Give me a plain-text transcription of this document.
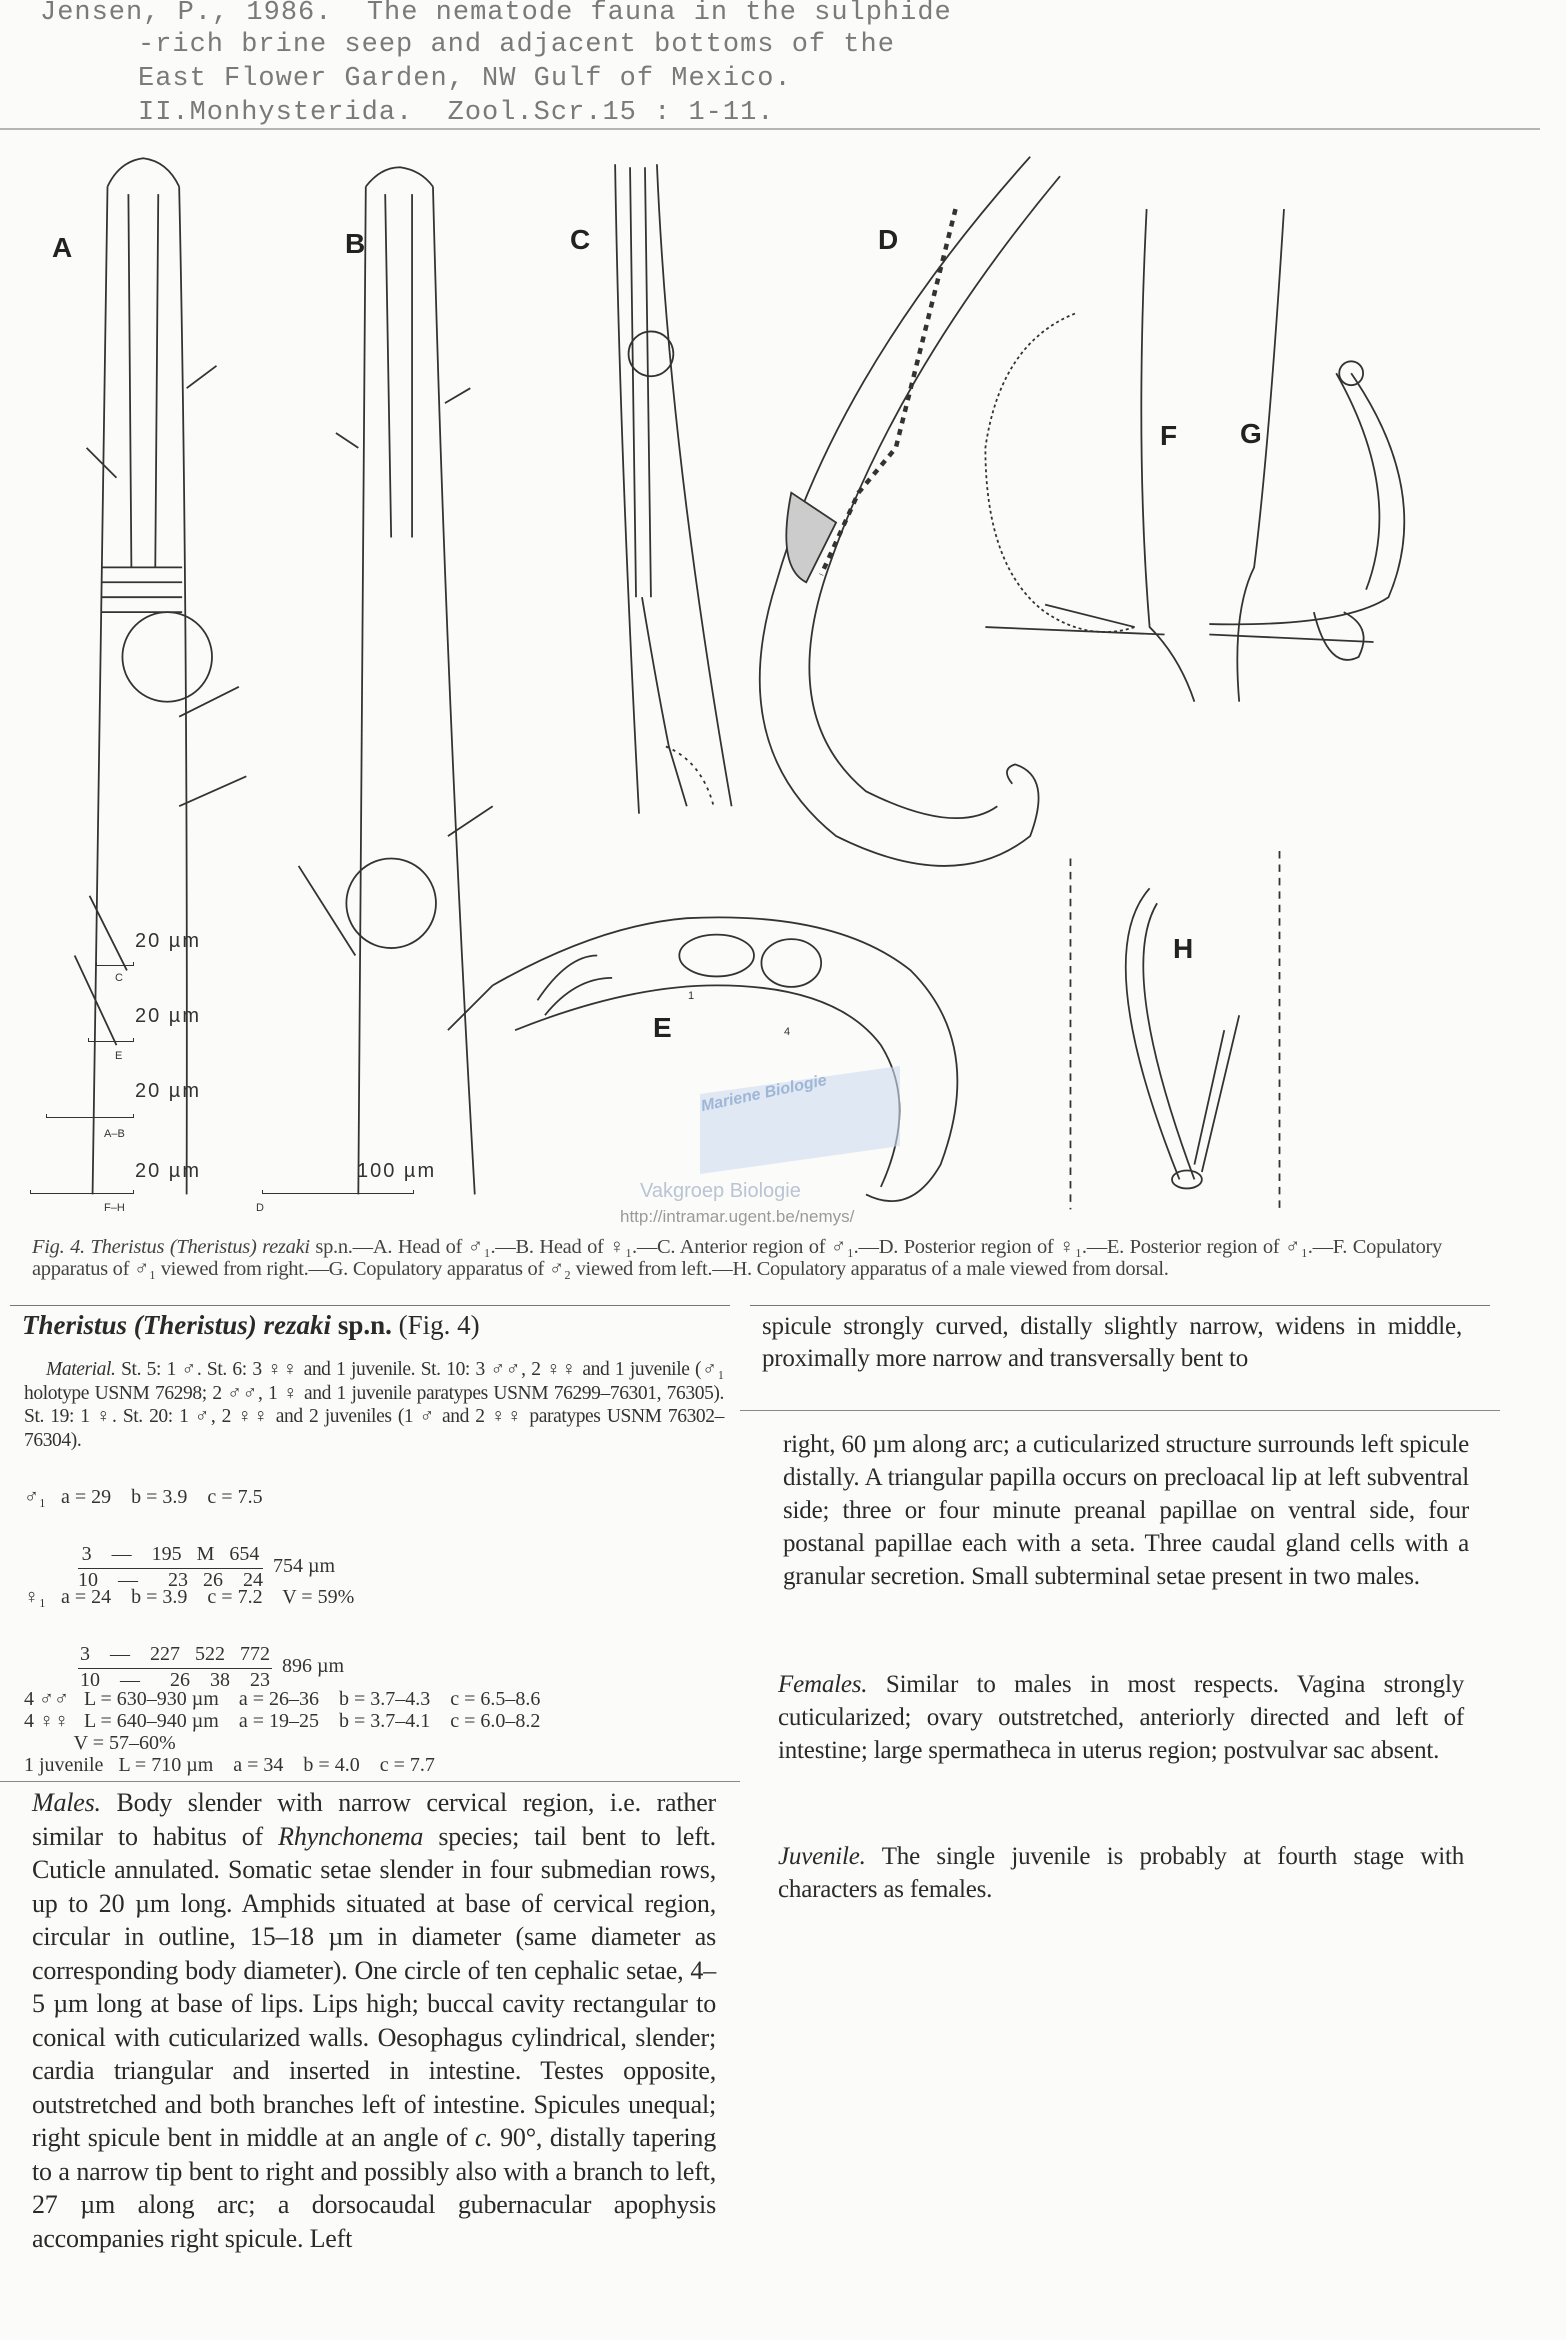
Jensen, P., 1986.  The nematode fauna in the sulphide
-rich brine seep and adjacent bottoms of the
East Flower Garden, NW Gulf of Mexico.
II.Monhysterida.  Zool.Scr.15 : 1-11.
A	B	C	D
F G
H
E
1
4
20 µm
C
20 µm
E
20 µm
A–B
20 µm
F–H
100 µm
D
Mariene Biologie
Vakgroep Biologie
http://intramar.ugent.be/nemys/
Fig. 4. Theristus (Theristus) rezaki sp.n.—A. Head of ♂₁.—B. Head of ♀₁.—C. Anterior region of ♂₁.—D. Posterior region of ♀₁.—E. Posterior region of ♂₁.—F. Copulatory apparatus of ♂₁ viewed from right.—G. Copulatory apparatus of ♂₂ viewed from left.—H. Copulatory apparatus of a male viewed from dorsal.
Theristus (Theristus) rezaki sp.n. (Fig. 4)
Material. St. 5: 1 ♂. St. 6: 3 ♀♀ and 1 juvenile. St. 10: 3 ♂♂, 2 ♀♀ and 1 juvenile (♂₁ holotype USNM 76298; 2 ♂♂, 1 ♀ and 1 juvenile paratypes USNM 76299–76301, 76305). St. 19: 1 ♀. St. 20: 1 ♂, 2 ♀♀ and 2 juveniles (1 ♂ and 2 ♀♀ paratypes USNM 76302–76304).
♂₁ a = 29    b = 3.9    c = 7.5

$\frac{3 — 195 M 654}{10 — 23 26 24} 754$ µm

♀₁ a = 24    b = 3.9    c = 7.2    V = 59%

$\frac{3 — 227 522 772}{10 — 26 38 23} 896$ µm

4 ♂♂ L = 630–930 µm    a = 26–36    b = 3.7–4.3    c = 6.5–8.6
4 ♀♀ L = 640–940 µm    a = 19–25    b = 3.7–4.1    c = 6.0–8.2
V = 57–60%
1 juvenile L = 710 µm    a = 34    b = 4.0    c = 7.7
Males. Body slender with narrow cervical region, i.e. rather similar to habitus of Rhynchonema species; tail bent to left. Cuticle annulated. Somatic setae slender in four submedian rows, up to 20 µm long. Amphids situated at base of cervical region, circular in outline, 15–18 µm in diameter (same diameter as corresponding body diameter). One circle of ten cephalic setae, 4–5 µm long at base of lips. Lips high; buccal cavity rectangular to conical with cuticularized walls. Oesophagus cylindrical, slender; cardia triangular and inserted in intestine. Testes opposite, outstretched and both branches left of intestine. Spicules unequal; right spicule bent in middle at an angle of c. 90°, distally tapering to a narrow tip bent to right and possibly also with a branch to left, 27 µm along arc; a dorsocaudal gubernacular apophysis accompanies right spicule. Left
spicule strongly curved, distally slightly narrow, widens in middle, proximally more narrow and transversally bent to
right, 60 µm along arc; a cuticularized structure surrounds left spicule distally. A triangular papilla occurs on precloacal lip at left subventral side; three or four minute preanal papillae on ventral side, four postanal papillae each with a seta. Three caudal gland cells with a granular secretion. Small subterminal setae present in two males.
Females. Similar to males in most respects. Vagina strongly cuticularized; ovary outstretched, anteriorly directed and left of intestine; large spermatheca in uterus region; postvulvar sac absent.
Juvenile. The single juvenile is probably at fourth stage with characters as females.
